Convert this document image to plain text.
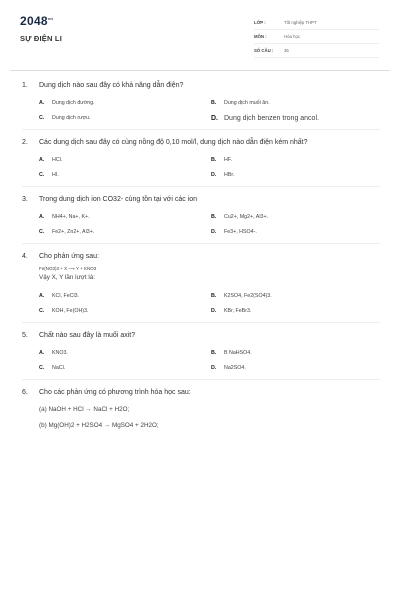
$2048^{vn}$
SỰ ĐIỆN LI
LỚP :	Tốt nghiệp THPT
MÔN :	Hóa học
SỐ CÂU :	36
1.	Dung dịch nào sau đây có khả năng dẫn điện?
A. Dung dịch đường.	B. Dung dịch muối ăn.
C. Dung dịch rượu.	D. Dung dịch benzen trong ancol.
2.	Các dung dịch sau đây có cùng nồng độ 0,10 mol/l, dung dịch nào dẫn điện kém nhất?
A. HCl.	B. HF.
C. HI.	D. HBr.
3.	Trong dung dịch ion CO32- cùng tồn tại với các ion
A. NH4+, Na+, K+.	B. Cu2+, Mg2+, Al3+.
C. Fe2+, Zn2+, Al3+.	D. Fe3+, HSO4-.
4.	Cho phản ứng sau:
Fe(NO3)3 + X ⟶ Y + KNO3
Vậy X, Y lần lượt là:
A. KCl, FeCl3.	B. K2SO4, Fe2(SO4)3.
C. KOH, Fe(OH)3.	D. KBr, FeBr3.
5.	Chất nào sau đây là muối axit?
A. KNO3.	B. B NaHSO4.
C. NaCl.	D. Na2SO4.
6.	Cho các phản ứng có phương trình hóa học sau:
(a) NaOH + HCl → NaCl + H2O;
(b) Mg(OH)2 + H2SO4 → MgSO4 + 2H2O;
